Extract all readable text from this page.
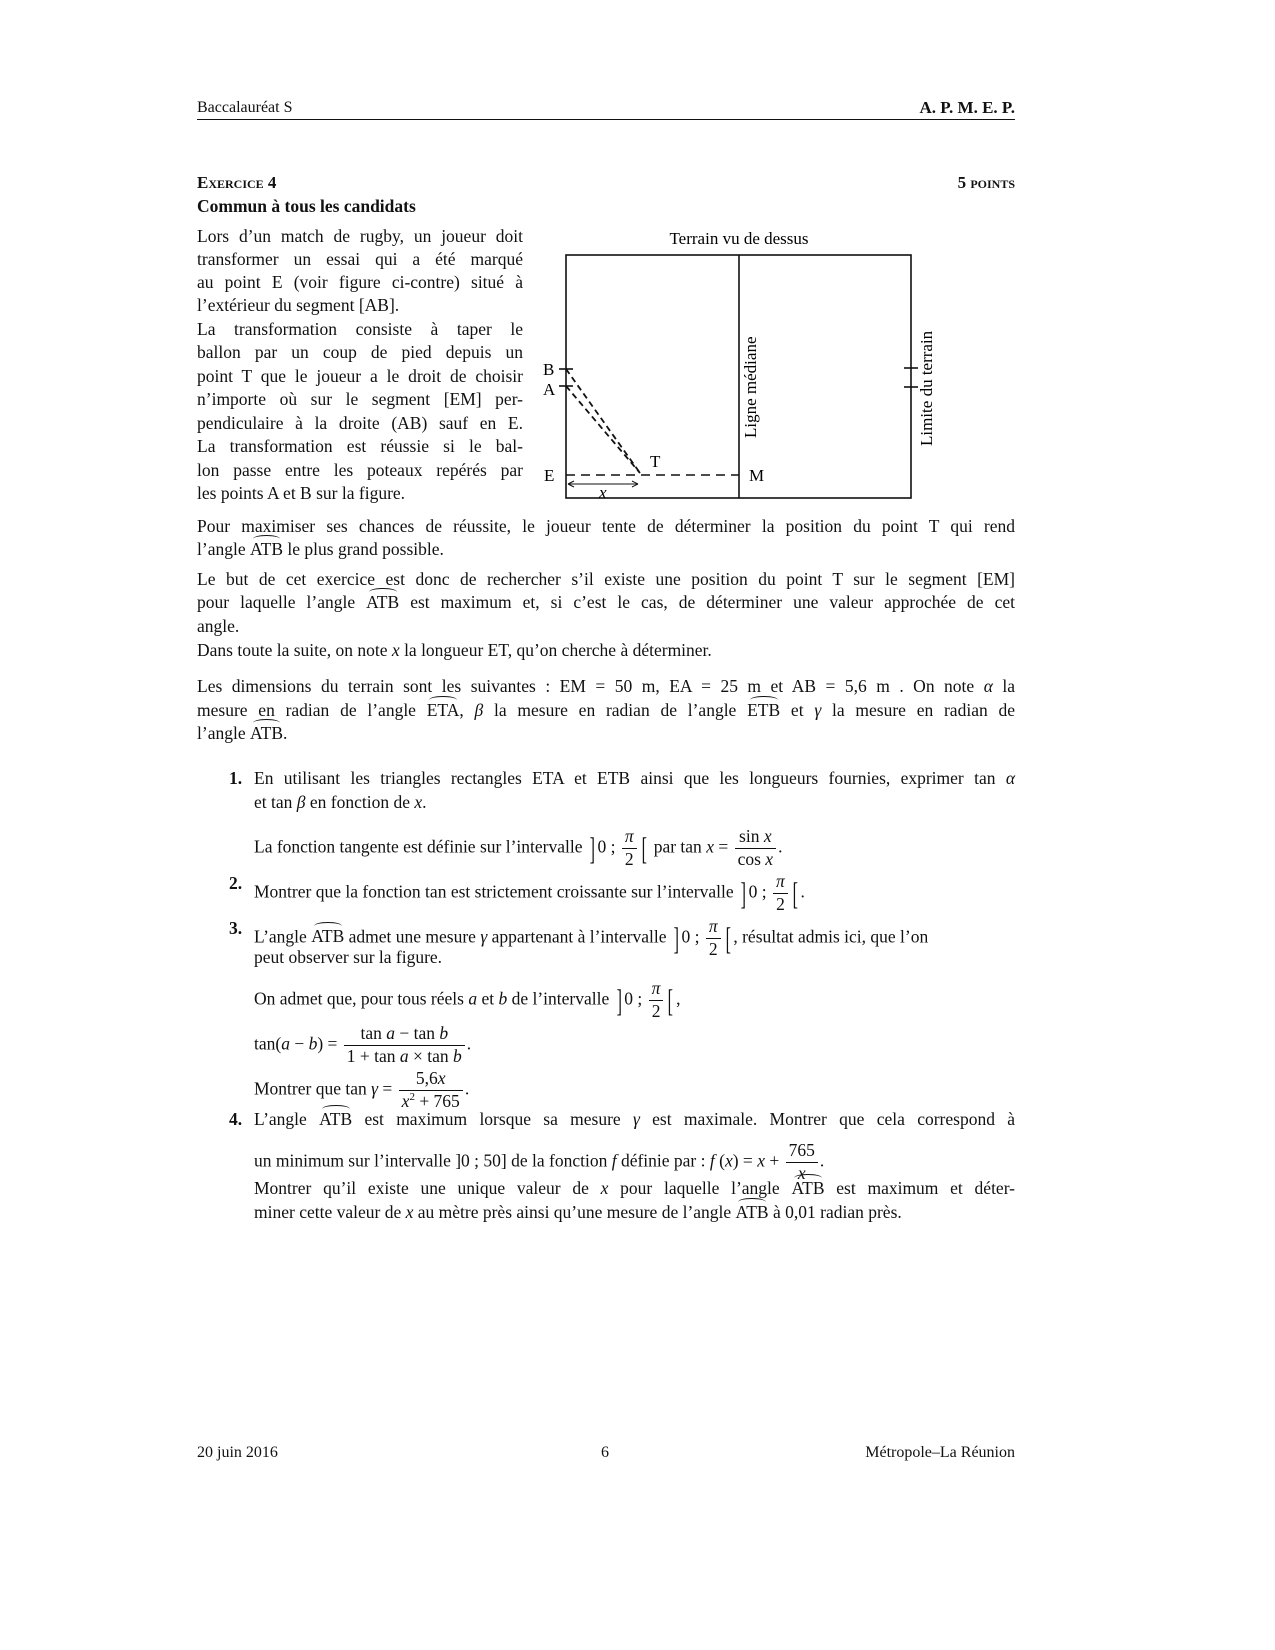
Baccalauréat S	A. P. M. E. P.
Exercice 4	5 points
Commun à tous les candidats
Lors d’un match de rugby, un joueur doit
transformer un essai qui a été marqué
au point E (voir figure ci-contre) situé à
l’extérieur du segment [AB].
La transformation consiste à taper le
ballon par un coup de pied depuis un
point T que le joueur a le droit de choisir
n’importe où sur le segment [EM] per-
pendiculaire à la droite (AB) sauf en E.
La transformation est réussie si le bal-
lon passe entre les poteaux repérés par
les points A et B sur la figure.
Terrain vu de dessus
B
A
E
T
M
x
Ligne médiane	Limite du terrain
Pour maximiser ses chances de réussite, le joueur tente de déterminer la position du point T qui rend
l’angle ATB le plus grand possible.
Le but de cet exercice est donc de rechercher s’il existe une position du point T sur le segment [EM]
pour laquelle l’angle ATB est maximum et, si c’est le cas, de déterminer une valeur approchée de cet
angle.
Dans toute la suite, on note x la longueur ET, qu’on cherche à déterminer.
Les dimensions du terrain sont les suivantes : EM = 50 m, EA = 25 m et AB = 5,6 m . On note α la
mesure en radian de l’angle ETA, β la mesure en radian de l’angle ETB et γ la mesure en radian de
l’angle ATB.
1. En utilisant les triangles rectangles ETA et ETB ainsi que les longueurs fournies, exprimer tan α
et tan β en fonction de x.
La fonction tangente est définie sur l’intervalle ] 0 ; $\frac{\pi}{2}$ [ par $\tan x = \frac{\text{sin x}}{\text{cos x}}$ .
2. Montrer que la fonction tan est strictement croissante sur l’intervalle ] 0 ; $\frac{\pi}{2}$ [ .
3. L’angle ATB admet une mesure γ appartenant à l’intervalle ] 0 ; $\frac{\pi}{2}$ [ , résultat admis ici, que l’on
peut observer sur la figure.
On admet que, pour tous réels a et b de l’intervalle ] 0 ; $\frac{\pi}{2}$ [ ,
$\tan(a - b) = \frac{\text{tan a − tan b}}{\text{1 + tan a × tan b}}$ .
Montrer que $\tan \gamma = \frac{5,6x}{x^2 + 765}$ .
4. L’angle ATB est maximum lorsque sa mesure γ est maximale. Montrer que cela correspond à
un minimum sur l’intervalle ]0 ; 50] de la fonction f définie par : f $(x) = x + \frac{765}{x}$ .
Montrer qu’il existe une unique valeur de x pour laquelle l’angle ATB est maximum et déter-
miner cette valeur de x au mètre près ainsi qu’une mesure de l’angle ATB à 0,01 radian près.
20 juin 2016	6	Métropole–La Réunion
